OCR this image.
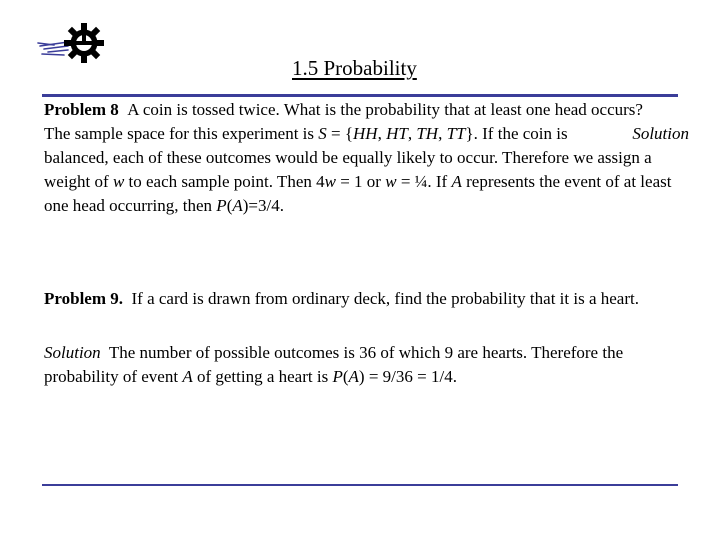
1.5 Probability
Problem 8 A coin is tossed twice. What is the probability that at least one head occurs?
Solution
The sample space for this experiment is S = {HH, HT, TH, TT}. If the coin is balanced, each of these outcomes would be equally likely to occur. Therefore we assign a weight of w to each sample point. Then 4w = 1 or w = ¼. If A represents the event of at least one head occurring, then P(A)=3/4.
Problem 9. If a card is drawn from ordinary deck, find the probability that it is a heart.
Solution The number of possible outcomes is 36 of which 9 are hearts. Therefore the probability of event A of getting a heart is P(A) = 9/36 = 1/4.
